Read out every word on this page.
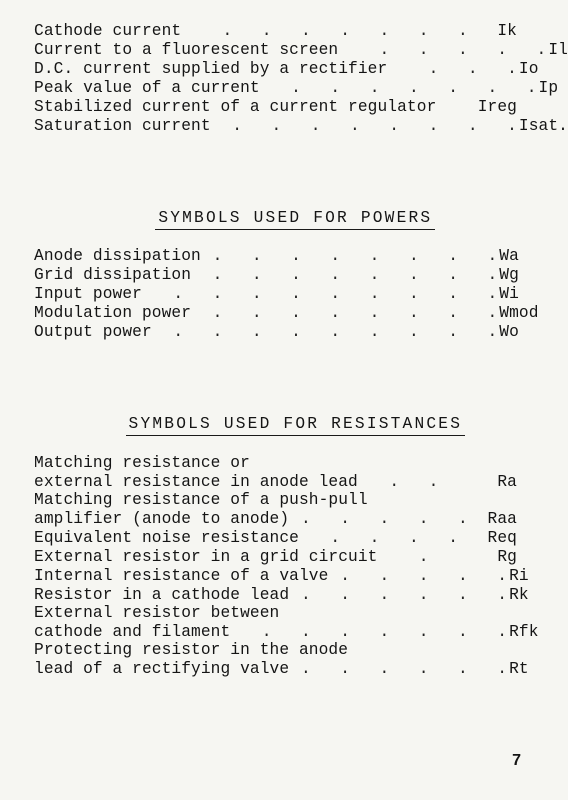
Cathode current .   .   .   .   .   .   .	Ik
Current to a fluorescent screen .   .   .   .   . Il
D.C. current supplied by a rectifier .   .   . Io
Peak value of a current .   .   .   .   .   .   . Ip
Stabilized current of a current regulator	Ireg
Saturation current .   .   .   .   .   .   .   . Isat.

SYMBOLS USED FOR POWERS

Anode dissipation .   .   .   .   .   .   .   . Wa
Grid dissipation .   .   .   .   .   .   .   . Wg
Input power .   .   .   .   .   .   .   .   . Wi
Modulation power .   .   .   .   .   .   .   . Wmod
Output power .   .   .   .   .   .   .   .   . Wo

SYMBOLS USED FOR RESISTANCES

Matching resistance or
external resistance in anode lead .   .	Ra
Matching resistance of a push-pull
amplifier (anode to anode) .   .   .   .   .	Raa
Equivalent noise resistance .   .   .   .	Req
External resistor in a grid circuit .	Rg
Internal resistance of a valve .   .   .   .   . Ri
Resistor in a cathode lead .   .   .   .   .   . Rk
External resistor between
cathode and filament .   .   .   .   .   .   . Rfk
Protecting resistor in the anode
lead of a rectifying valve .   .   .   .   .   . Rt
7
